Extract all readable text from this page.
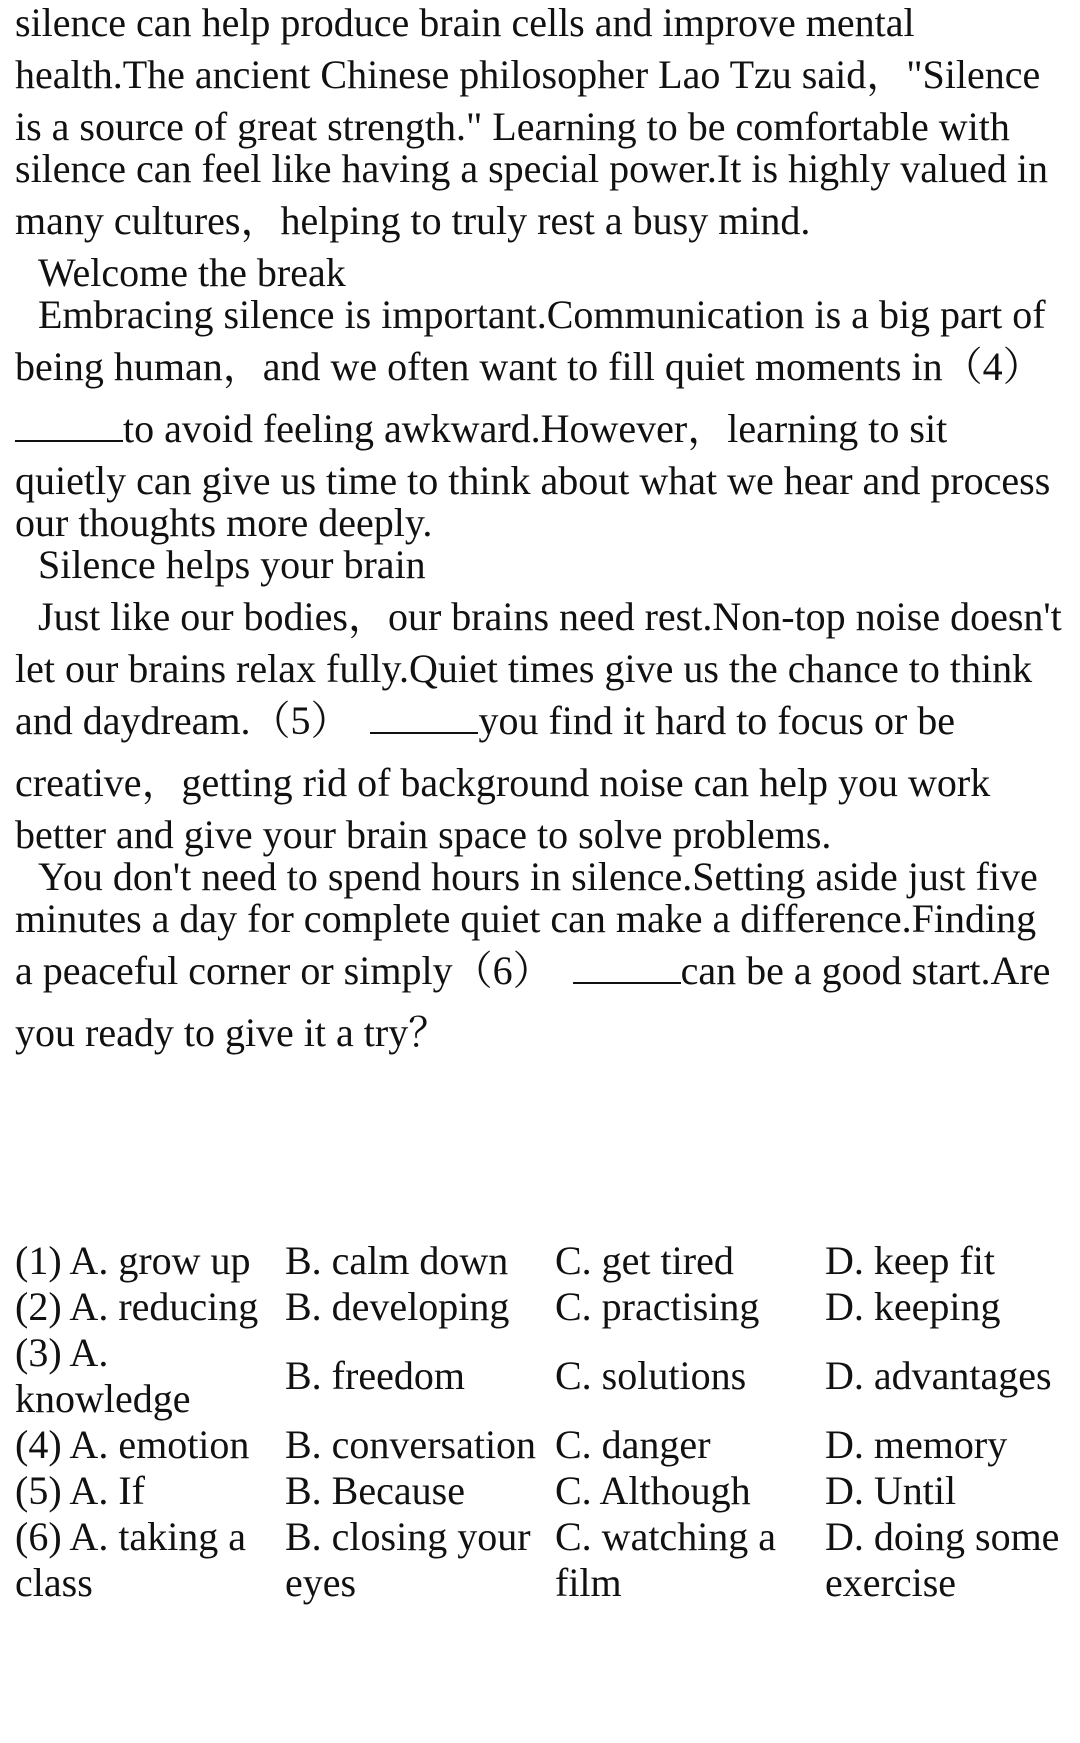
silence can help produce brain cells and improve mental
health.The ancient Chinese philosopher Lao Tzu said，"Silence
is a source of great strength." Learning to be comfortable with
silence can feel like having a special power.It is highly valued in
many cultures，helping to truly rest a busy mind.
Welcome the break
Embracing silence is important.Communication is a big part of
being human，and we often want to fill quiet moments in（4）
to avoid feeling awkward.However，learning to sit
quietly can give us time to think about what we hear and process
our thoughts more deeply.
Silence helps your brain
Just like our bodies，our brains need rest.Non-top noise doesn't
let our brains relax fully.Quiet times give us the chance to think
and daydream.（5）	you find it hard to focus or be
creative，getting rid of background noise can help you work
better and give your brain space to solve problems.
You don't need to spend hours in silence.Setting aside just five
minutes a day for complete quiet can make a difference.Finding
a peaceful corner or simply（6）	can be a good start.Are
you ready to give it a try？
(1) A. grow up	B. calm down	C. get tired	D. keep fit
(2) A. reducing	B. developing	C. practising	D. keeping
(3) A. knowledge	B. freedom	C. solutions	D. advantages
(4) A. emotion	B. conversation	C. danger	D. memory
(5) A. If	B. Because	C. Although	D. Until
(6) A. taking a class	B. closing your eyes	C. watching a film	D. doing some exercise
